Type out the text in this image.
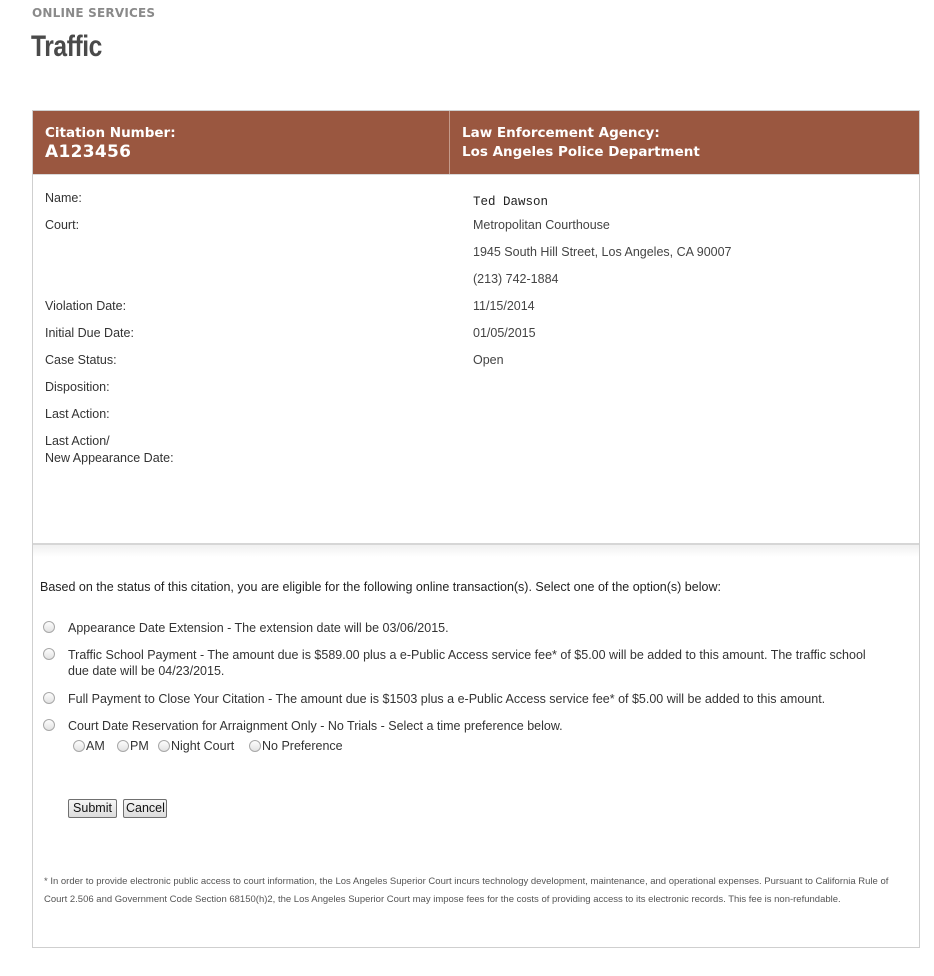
ONLINE SERVICES
Traffic
Citation Number:
A123456
Law Enforcement Agency:
Los Angeles Police Department
Name:	Ted Dawson
Court:	Metropolitan Courthouse
1945 South Hill Street, Los Angeles, CA 90007
(213) 742-1884
Violation Date:	11/15/2014
Initial Due Date:	01/05/2015
Case Status:	Open
Disposition:
Last Action:
Last Action/
New Appearance Date:
Based on the status of this citation, you are eligible for the following online transaction(s). Select one of the option(s) below:
Appearance Date Extension - The extension date will be 03/06/2015.
Traffic School Payment - The amount due is $589.00 plus a e-Public Access service fee* of $5.00 will be added to this amount. The traffic school due date will be 04/23/2015.
Full Payment to Close Your Citation - The amount due is $1503 plus a e-Public Access service fee* of $5.00 will be added to this amount.
Court Date Reservation for Arraignment Only - No Trials - Select a time preference below.
AM PM Night Court No Preference
Submit	Cancel
* In order to provide electronic public access to court information, the Los Angeles Superior Court incurs technology development, maintenance, and operational expenses. Pursuant to California Rule of Court 2.506 and Government Code Section 68150(h)2, the Los Angeles Superior Court may impose fees for the costs of providing access to its electronic records. This fee is non-refundable.
